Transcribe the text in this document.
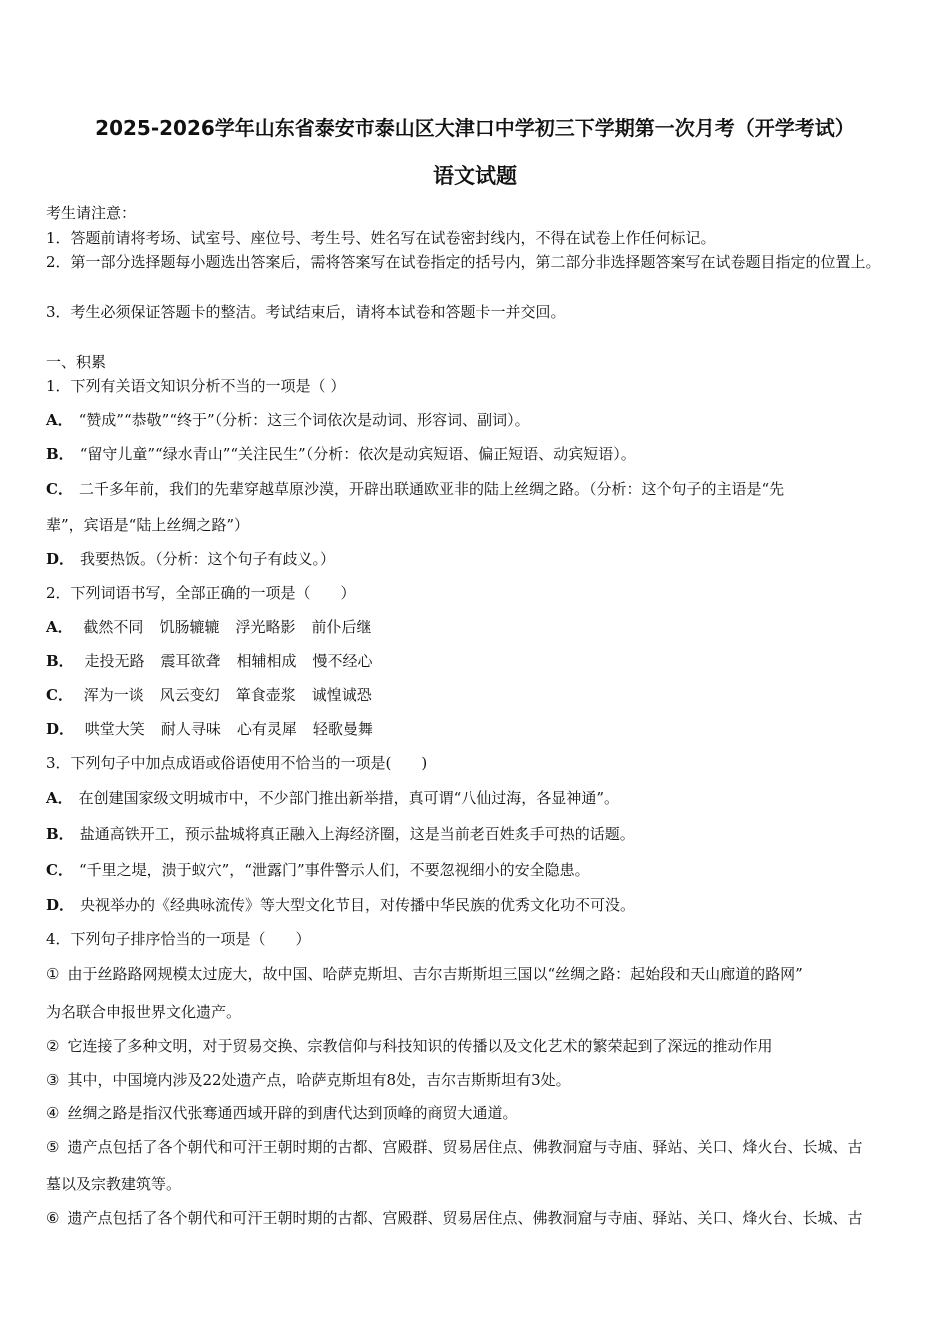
2025-2026学年山东省泰安市泰山区大津口中学初三下学期第一次月考（开学考试）
语文试题
考生请注意：
1．答题前请将考场、试室号、座位号、考生号、姓名写在试卷密封线内，不得在试卷上作任何标记。
2．第一部分选择题每小题选出答案后，需将答案写在试卷指定的括号内，第二部分非选择题答案写在试卷题目指定的位置上。
3．考生必须保证答题卡的整洁。考试结束后，请将本试卷和答题卡一并交回。
一、积累
1．下列有关语文知识分析不当的一项是（ ）
A． “赞成”“恭敬”“终于”（分析：这三个词依次是动词、形容词、副词）。
B． “留守儿童”“绿水青山”“关注民生”（分析：依次是动宾短语、偏正短语、动宾短语）。
C． 二千多年前，我们的先辈穿越草原沙漠，开辟出联通欧亚非的陆上丝绸之路。（分析：这个句子的主语是“先
辈”，宾语是“陆上丝绸之路”）
D． 我要热饭。（分析：这个句子有歧义。）
2．下列词语书写，全部正确的一项是（　　）
A． 截然不同 饥肠辘辘 浮光略影 前仆后继
B． 走投无路 震耳欲聋 相辅相成 慢不经心
C． 浑为一谈 风云变幻 箪食壶浆 诚惶诚恐
D． 哄堂大笑 耐人寻味 心有灵犀 轻歌曼舞
3．下列句子中加点成语或俗语使用不恰当的一项是(　　)
A． 在创建国家级文明城市中，不少部门推出新举措，真可谓“八仙过海，各显神通”。
B． 盐通高铁开工，预示盐城将真正融入上海经济圈，这是当前老百姓炙手可热的话题。
C． “千里之堤，溃于蚁穴”，“泄露门”事件警示人们，不要忽视细小的安全隐患。
D． 央视举办的《经典咏流传》等大型文化节目，对传播中华民族的优秀文化功不可没。
4．下列句子排序恰当的一项是（　　）
① 由于丝路路网规模太过庞大，故中国、哈萨克斯坦、吉尔吉斯斯坦三国以“丝绸之路：起始段和天山廊道的路网”
为名联合申报世界文化遗产。
② 它连接了多种文明，对于贸易交换、宗教信仰与科技知识的传播以及文化艺术的繁荣起到了深远的推动作用
③ 其中，中国境内涉及22处遗产点，哈萨克斯坦有8处，吉尔吉斯斯坦有3处。
④ 丝绸之路是指汉代张骞通西域开辟的到唐代达到顶峰的商贸大通道。
⑤ 遗产点包括了各个朝代和可汗王朝时期的古都、宫殿群、贸易居住点、佛教洞窟与寺庙、驿站、关口、烽火台、长城、古
墓以及宗教建筑等。
⑥ 遗产点包括了各个朝代和可汗王朝时期的古都、宫殿群、贸易居住点、佛教洞窟与寺庙、驿站、关口、烽火台、长城、古
